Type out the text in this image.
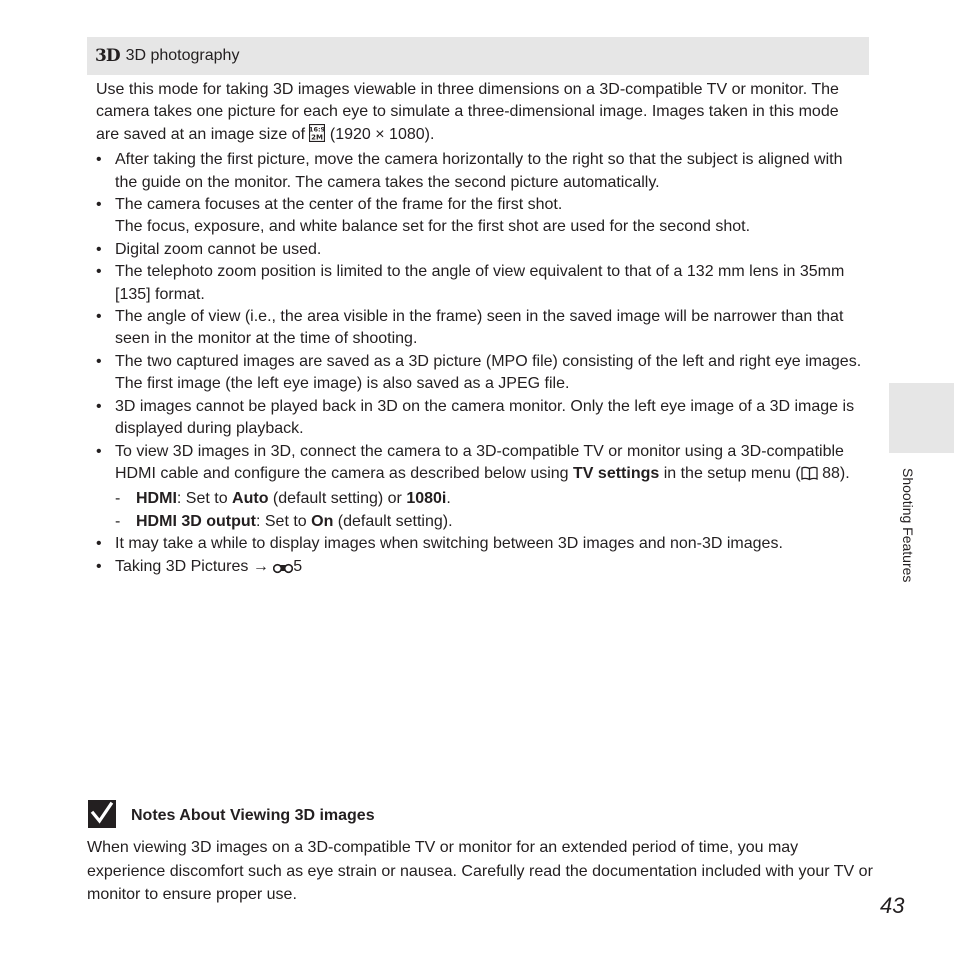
3D 3D photography

Use this mode for taking 3D images viewable in three dimensions on a 3D-compatible TV or monitor. The camera takes one picture for each eye to simulate a three-dimensional image. Images taken in this mode are saved at an image size of 16:9
2M (1920 × 1080).

• After taking the first picture, move the camera horizontally to the right so that the subject is aligned with the guide on the monitor. The camera takes the second picture automatically.
• The camera focuses at the center of the frame for the first shot.
The focus, exposure, and white balance set for the first shot are used for the second shot.
• Digital zoom cannot be used.
• The telephoto zoom position is limited to the angle of view equivalent to that of a 132 mm lens in 35mm [135] format.
• The angle of view (i.e., the area visible in the frame) seen in the saved image will be narrower than that seen in the monitor at the time of shooting.
• The two captured images are saved as a 3D picture (MPO file) consisting of the left and right eye images. The first image (the left eye image) is also saved as a JPEG file.
• 3D images cannot be played back in 3D on the camera monitor. Only the left eye image of a 3D image is displayed during playback.
• To view 3D images in 3D, connect the camera to a 3D-compatible TV or monitor using a 3D-compatible HDMI cable and configure the camera as described below using TV settings in the setup menu ( 88).
- HDMI: Set to Auto (default setting) or 1080i.
- HDMI 3D output: Set to On (default setting).
• It may take a while to display images when switching between 3D images and non-3D images.
• Taking 3D Pictures → 5	Shooting Features
Notes About Viewing 3D images

When viewing 3D images on a 3D-compatible TV or monitor for an extended period of time, you may experience discomfort such as eye strain or nausea. Carefully read the documentation included with your TV or monitor to ensure proper use.	43
